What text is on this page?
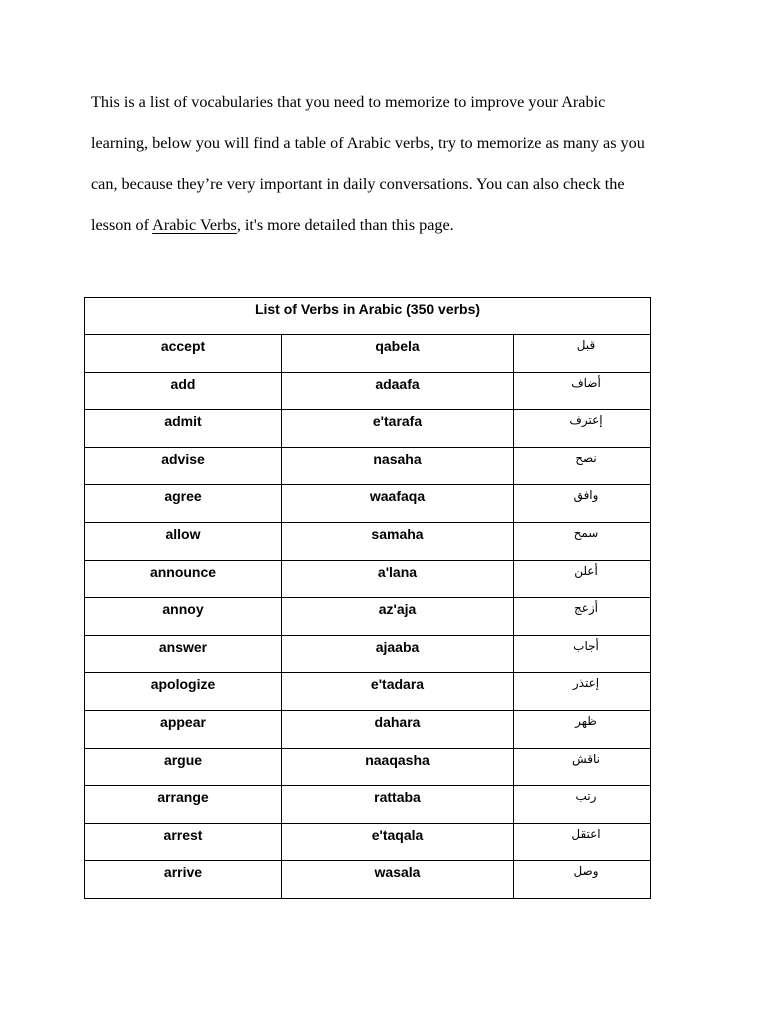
This is a list of vocabularies that you need to memorize to improve your Arabic
learning, below you will find a table of Arabic verbs, try to memorize as many as you
can, because they’re very important in daily conversations. You can also check the
lesson of Arabic Verbs, it's more detailed than this page.
List of Verbs in Arabic (350 verbs)		
accept	qabela	قبل
add	adaafa	أضاف
admit	e'tarafa	إعترف
advise	nasaha	نصح
agree	waafaqa	وافق
allow	samaha	سمح
announce	a'lana	أعلن
annoy	az'aja	أزعج
answer	ajaaba	أجاب
apologize	e'tadara	إعتذر
appear	dahara	ظهر
argue	naaqasha	ناقش
arrange	rattaba	رتب
arrest	e'taqala	اعتقل
arrive	wasala	وصل
